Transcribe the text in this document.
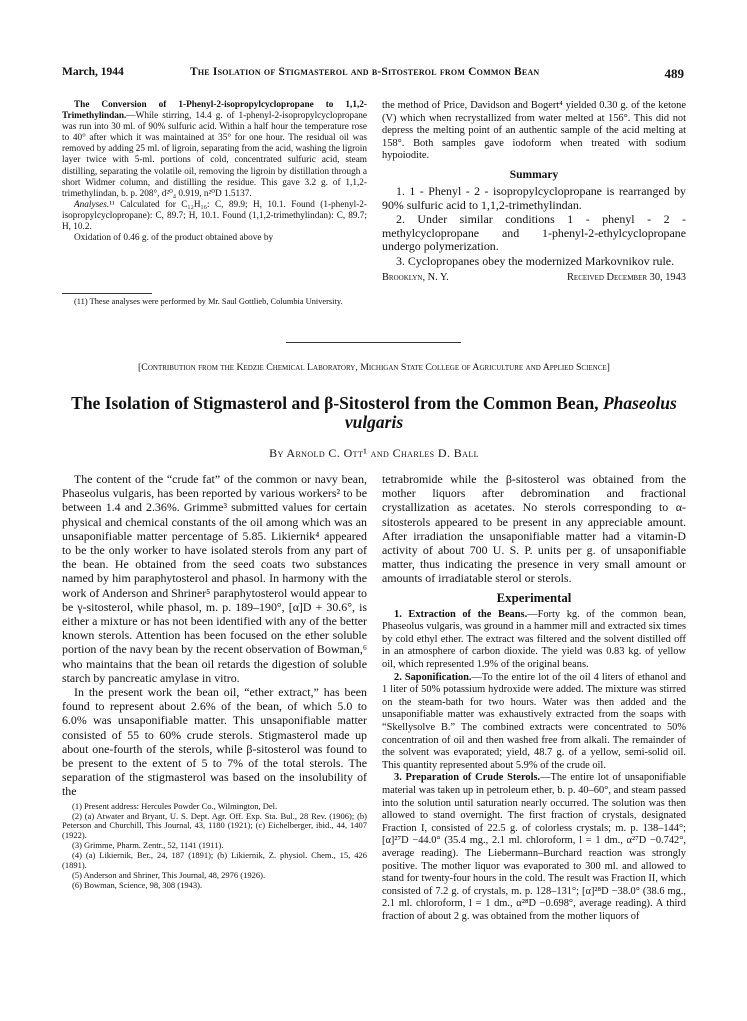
March, 1944	The Isolation of Stigmasterol and β-Sitosterol from Common Bean	489

The Conversion of 1-Phenyl-2-isopropylcyclopropane to 1,1,2-Trimethylindan.—While stirring, 14.4 g. of 1-phenyl-2-isopropylcyclopropane was run into 30 ml. of 90% sulfuric acid. Within a half hour the temperature rose to 40° after which it was maintained at 35° for one hour. The residual oil was removed by adding 25 ml. of ligroin, separating from the acid, washing the ligroin layer twice with 5-ml. portions of cold, concentrated sulfuric acid, steam distilling, separating the volatile oil, removing the ligroin by distillation through a short Widmer column, and distilling the residue. This gave 3.2 g. of 1,1,2-trimethylindan, b. p. 208°, d²⁰₄ 0.919, n²⁰D 1.5137.

Analyses.¹¹ Calculated for C₁₂H₁₆: C, 89.9; H, 10.1. Found (1-phenyl-2-isopropylcyclopropane): C, 89.7; H, 10.1. Found (1,1,2-trimethylindan): C, 89.7; H, 10.2.

Oxidation of 0.46 g. of the product obtained above by

(11) These analyses were performed by Mr. Saul Gottlieb, Columbia University.

the method of Price, Davidson and Bogert⁴ yielded 0.30 g. of the ketone (V) which when recrystallized from water melted at 156°. This did not depress the melting point of an authentic sample of the acid melting at 158°. Both samples gave iodoform when treated with sodium hypoiodite.

Summary

1. 1 - Phenyl - 2 - isopropylcyclopropane is rearranged by 90% sulfuric acid to 1,1,2-trimethylindan.

2. Under similar conditions 1 - phenyl - 2 - methylcyclopropane and 1-phenyl-2-ethylcyclopropane undergo polymerization.

3. Cyclopropanes obey the modernized Markovnikov rule.

Brooklyn, N. Y.	Received December 30, 1943
[Contribution from the Kedzie Chemical Laboratory, Michigan State College of Agriculture and Applied Science]
The Isolation of Stigmasterol and β-Sitosterol from the Common Bean, Phaseolus vulgaris
By Arnold C. Ott¹ and Charles D. Ball

The content of the “crude fat” of the common or navy bean, Phaseolus vulgaris, has been reported by various workers² to be between 1.4 and 2.36%. Grimme³ submitted values for certain physical and chemical constants of the oil among which was an unsaponifiable matter percentage of 5.85. Likiernik⁴ appeared to be the only worker to have isolated sterols from any part of the bean. He obtained from the seed coats two substances named by him paraphytosterol and phasol. In harmony with the work of Anderson and Shriner⁵ paraphytosterol would appear to be γ-sitosterol, while phasol, m. p. 189–190°, [α]D + 30.6°, is either a mixture or has not been identified with any of the better known sterols. Attention has been focused on the ether soluble portion of the navy bean by the recent observation of Bowman,⁶ who maintains that the bean oil retards the digestion of soluble starch by pancreatic amylase in vitro.

In the present work the bean oil, “ether extract,” has been found to represent about 2.6% of the bean, of which 5.0 to 6.0% was unsaponifiable matter. This unsaponifiable matter consisted of 55 to 60% crude sterols. Stigmasterol made up about one-fourth of the sterols, while β-sitosterol was found to be present to the extent of 5 to 7% of the total sterols. The separation of the stigmasterol was based on the insolubility of the

(1) Present address: Hercules Powder Co., Wilmington, Del.

(2) (a) Atwater and Bryant, U. S. Dept. Agr. Off. Exp. Sta. Bul., 28 Rev. (1906); (b) Peterson and Churchill, This Journal, 43, 1180 (1921); (c) Eichelberger, ibid., 44, 1407 (1922).

(3) Grimme, Pharm. Zentr., 52, 1141 (1911).

(4) (a) Likiernik, Ber., 24, 187 (1891); (b) Likiernik, Z. physiol. Chem., 15, 426 (1891).

(5) Anderson and Shriner, This Journal, 48, 2976 (1926).

(6) Bowman, Science, 98, 308 (1943).

tetrabromide while the β-sitosterol was obtained from the mother liquors after debromination and fractional crystallization as acetates. No sterols corresponding to α-sitosterols appeared to be present in any appreciable amount. After irradiation the unsaponifiable matter had a vitamin-D activity of about 700 U. S. P. units per g. of unsaponifiable matter, thus indicating the presence in very small amount or amounts of irradiatable sterol or sterols.

Experimental

1. Extraction of the Beans.—Forty kg. of the common bean, Phaseolus vulgaris, was ground in a hammer mill and extracted six times by cold ethyl ether. The extract was filtered and the solvent distilled off in an atmosphere of carbon dioxide. The yield was 0.83 kg. of yellow oil, which represented 1.9% of the original beans.

2. Saponification.—To the entire lot of the oil 4 liters of ethanol and 1 liter of 50% potassium hydroxide were added. The mixture was stirred on the steam-bath for two hours. Water was then added and the unsaponifiable matter was exhaustively extracted from the soaps with “Skellysolve B.” The combined extracts were concentrated to 50% concentration of oil and then washed free from alkali. The remainder of the solvent was evaporated; yield, 48.7 g. of a yellow, semi-solid oil. This quantity represented about 5.9% of the crude oil.

3. Preparation of Crude Sterols.—The entire lot of unsaponifiable material was taken up in petroleum ether, b. p. 40–60°, and steam passed into the solution until saturation nearly occurred. The solution was then allowed to stand overnight. The first fraction of crystals, designated Fraction I, consisted of 22.5 g. of colorless crystals; m. p. 138–144°; [α]²⁷D −44.0° (35.4 mg., 2.1 ml. chloroform, l = 1 dm., α²⁷D −0.742°, average reading). The Liebermann–Burchard reaction was strongly positive. The mother liquor was evaporated to 300 ml. and allowed to stand for twenty-four hours in the cold. The result was Fraction II, which consisted of 7.2 g. of crystals, m. p. 128–131°; [α]²⁸D −38.0° (38.6 mg., 2.1 ml. chloroform, l = 1 dm., α²⁸D −0.698°, average reading). A third fraction of about 2 g. was obtained from the mother liquors of
